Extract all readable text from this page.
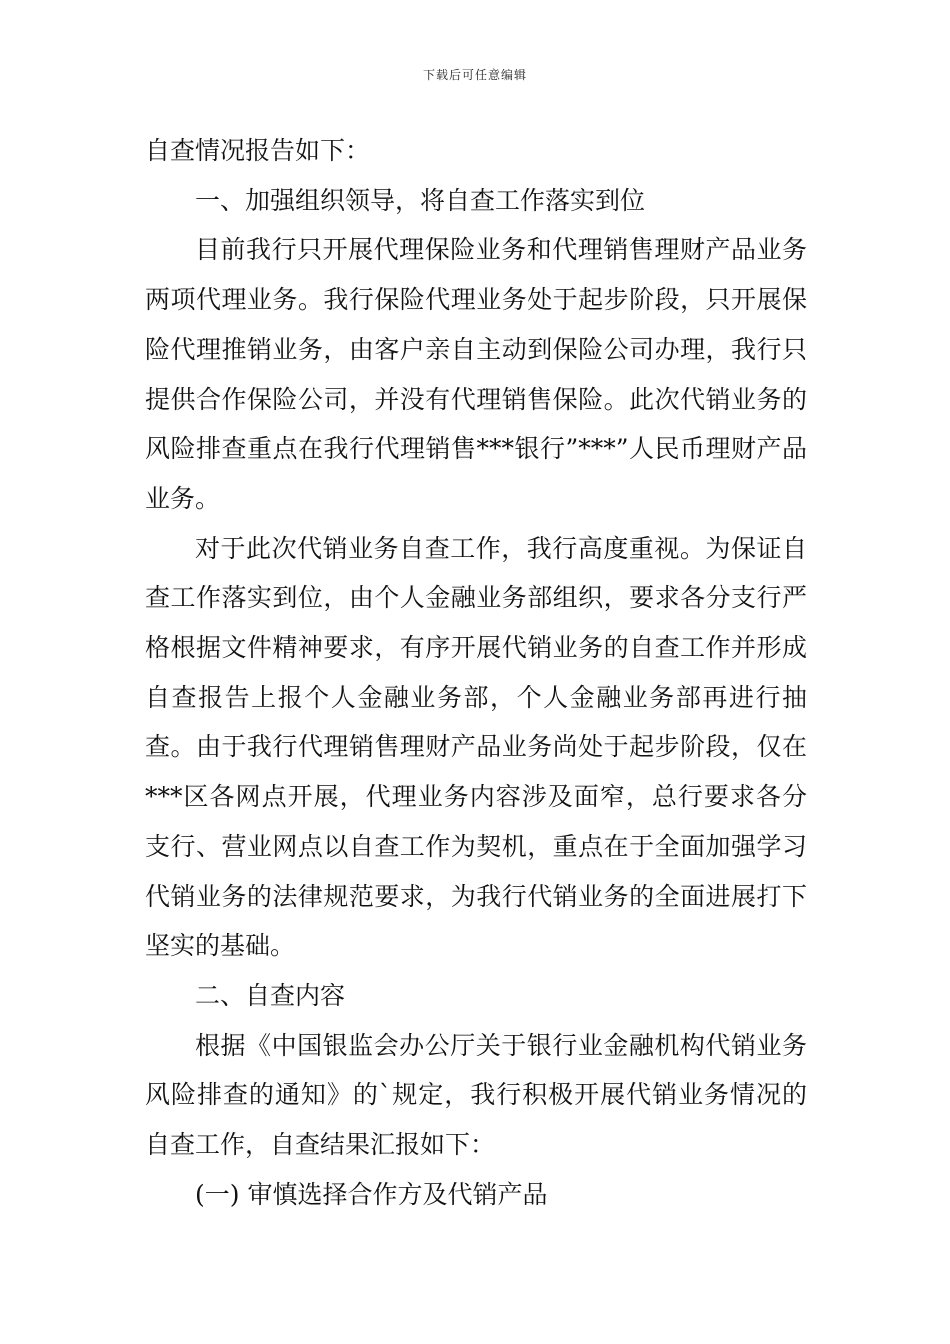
下载后可任意编辑

自查情况报告如下：

一、加强组织领导，将自查工作落实到位

目前我行只开展代理保险业务和代理销售理财产品业务两项代理业务。我行保险代理业务处于起步阶段，只开展保险代理推销业务，由客户亲自主动到保险公司办理，我行只提供合作保险公司，并没有代理销售保险。此次代销业务的风险排查重点在我行代理销售***银行”***”人民币理财产品业务。

对于此次代销业务自查工作，我行高度重视。为保证自查工作落实到位，由个人金融业务部组织，要求各分支行严格根据文件精神要求，有序开展代销业务的自查工作并形成自查报告上报个人金融业务部，个人金融业务部再进行抽查。由于我行代理销售理财产品业务尚处于起步阶段，仅在***区各网点开展，代理业务内容涉及面窄，总行要求各分支行、营业网点以自查工作为契机，重点在于全面加强学习代销业务的法律规范要求，为我行代销业务的全面进展打下坚实的基础。

二、自查内容

根据《中国银监会办公厅关于银行业金融机构代销业务风险排查的通知》的`规定，我行积极开展代销业务情况的自查工作，自查结果汇报如下：

(一) 审慎选择合作方及代销产品
